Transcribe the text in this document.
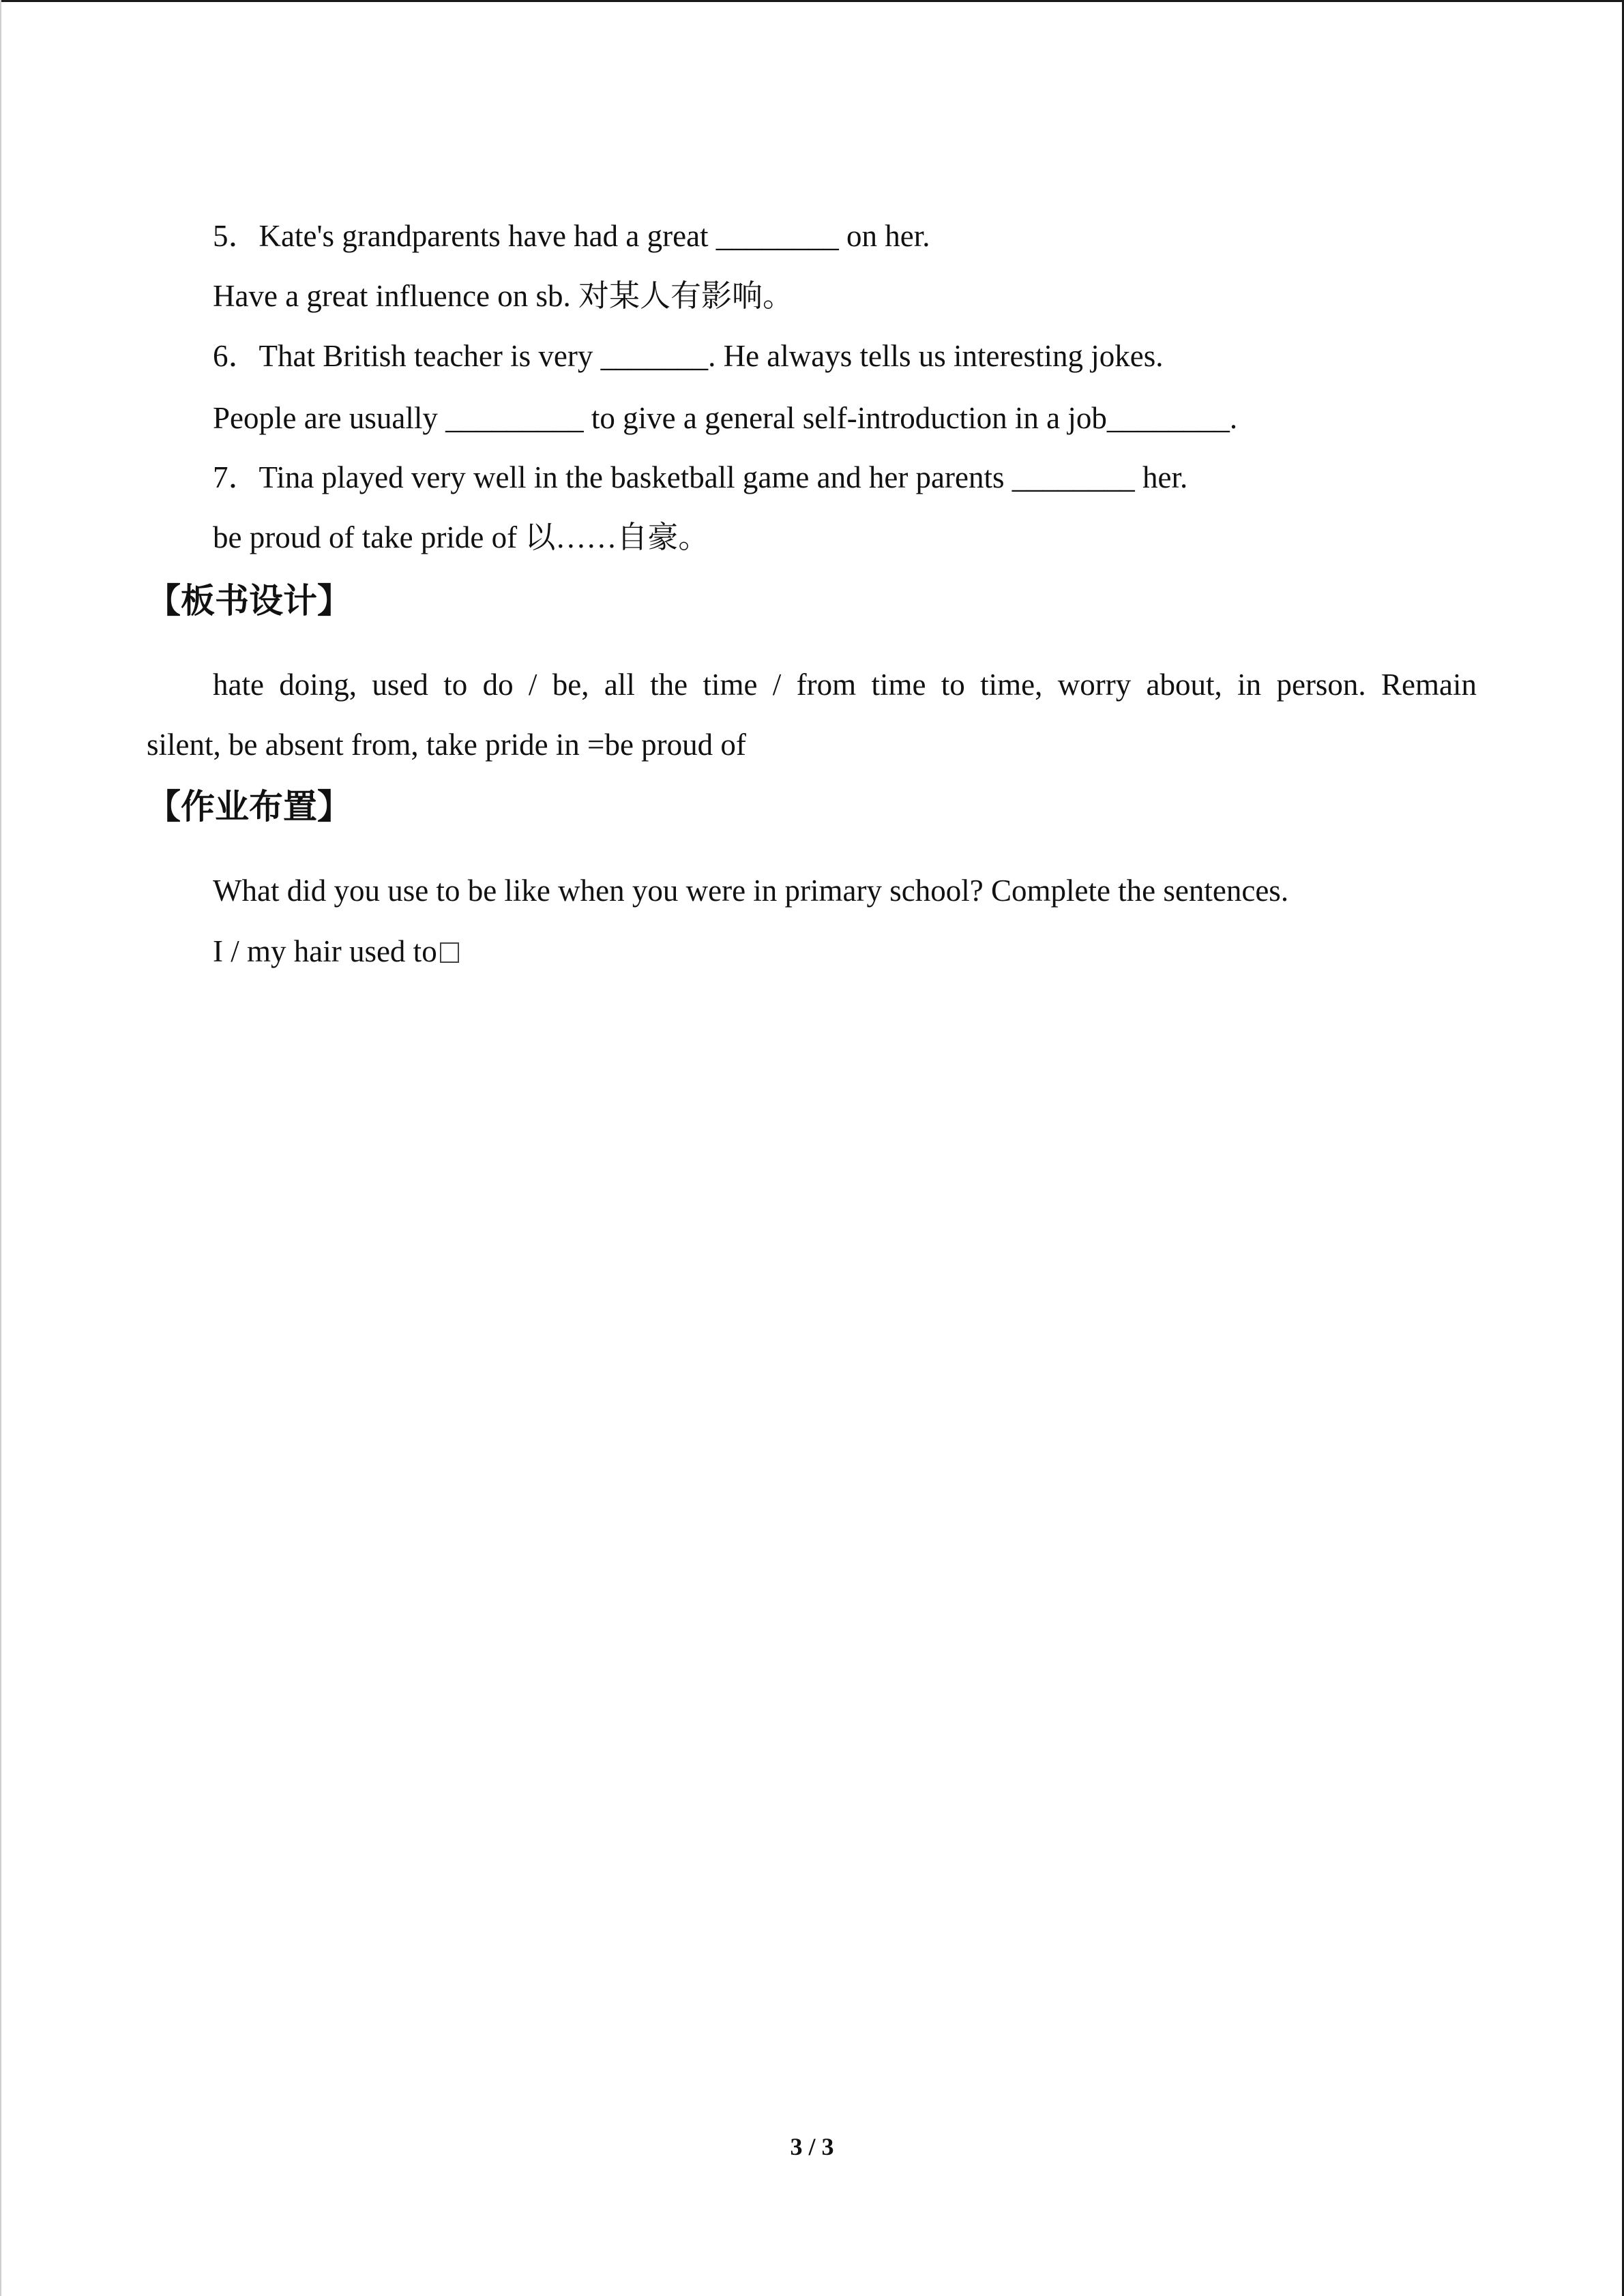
5．Kate's grandparents have had a great ________ on her.
Have a great influence on sb. 对某人有影响。
6．That British teacher is very _______. He always tells us interesting jokes.
People are usually _________ to give a general self-introduction in a job________.
7．Tina played very well in the basketball game and her parents ________ her.
be proud of take pride of 以……自豪。
【板书设计】
hate doing, used to do / be, all the time / from time to time, worry about, in person. Remain
silent, be absent from, take pride in =be proud of
【作业布置】
What did you use to be like when you were in primary school? Complete the sentences.
I / my hair used to
3 / 3
